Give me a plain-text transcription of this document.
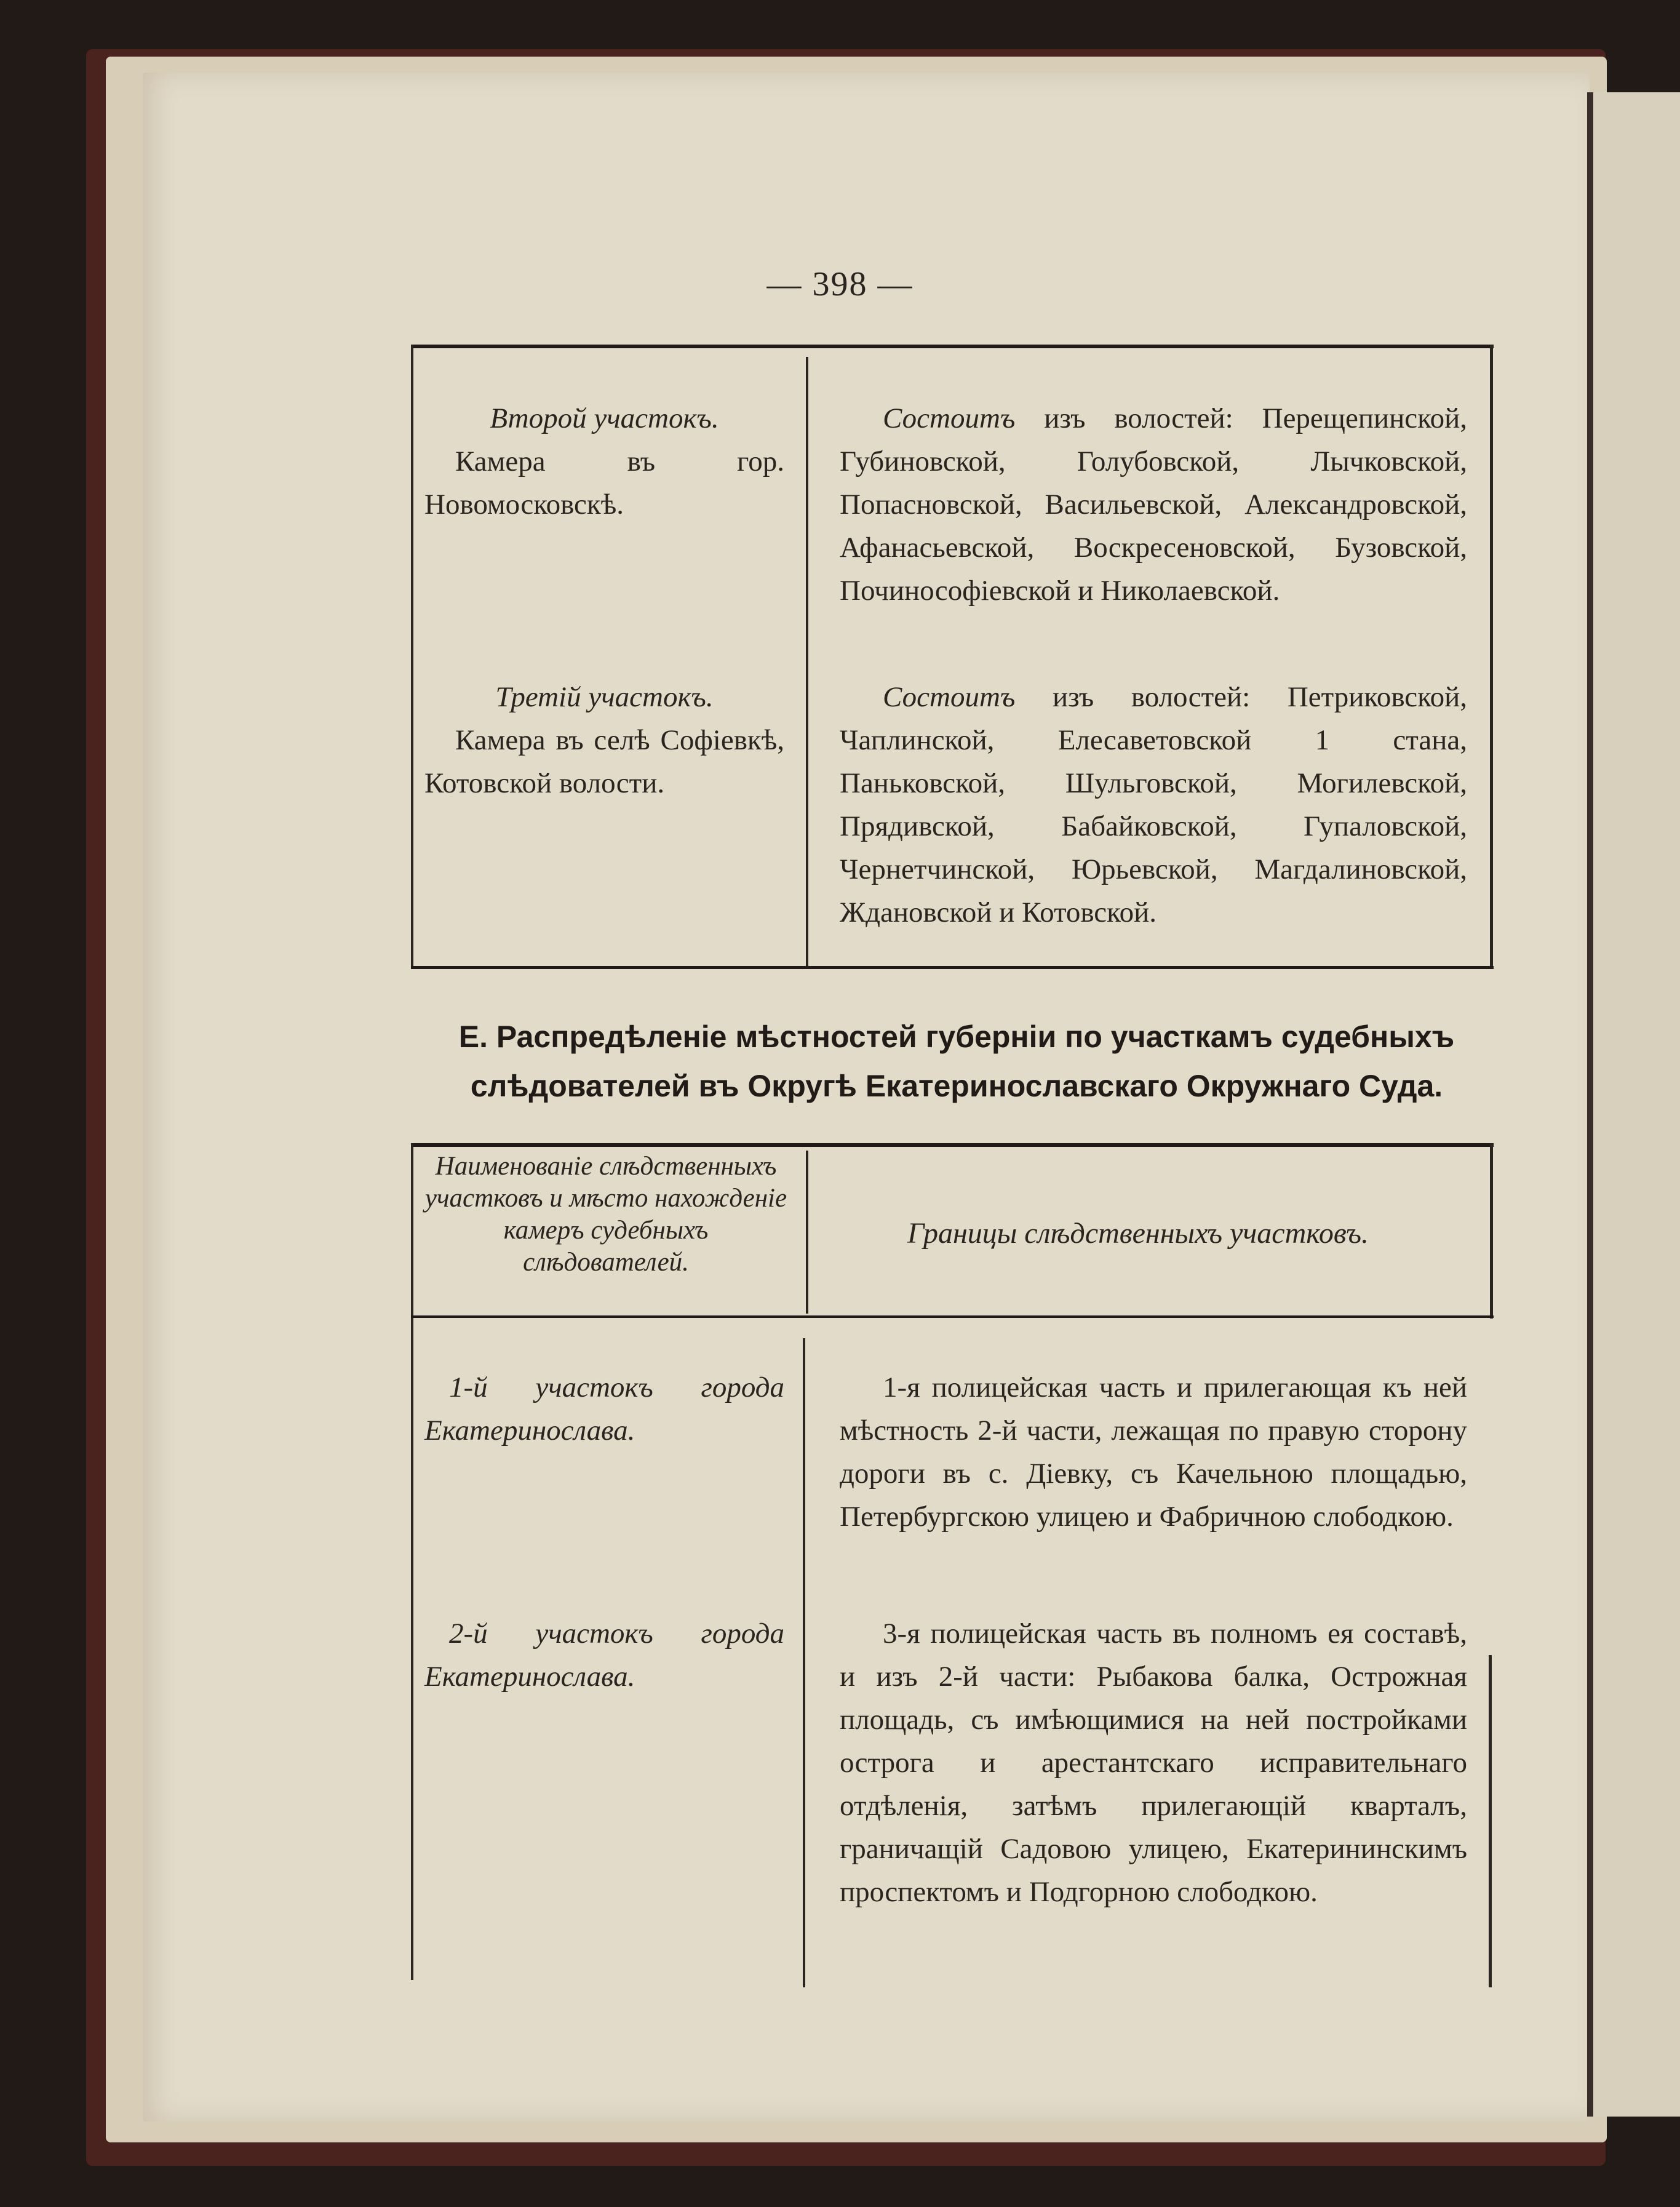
— 398 —
Второй участокъ.
Камера въ гор. Новомосковскѣ.
Состоитъ изъ волостей: Перещепинской, Губиновской, Голубовской, Лычковской, Попасновской, Васильевской, Александровской, Афанасьевской, Воскресеновской, Бузовской, Починософіевской и Николаевской.
Третій участокъ.
Камера въ селѣ Софіевкѣ, Котовской волости.
Состоитъ изъ волостей: Петриковской, Чаплинской, Елесаветовской 1 стана, Паньковской, Шульговской, Могилевской, Прядивской, Бабайковской, Гупаловской, Чернетчинской, Юрьевской, Магдалиновской, Ждановской и Котовской.
Е. Распредѣленіе мѣстностей губерніи по участкамъ судебныхъ слѣдователей въ Округѣ Екатеринославскаго Окружнаго Суда.
Наименованіе слѣдственныхъ участковъ и мѣсто нахожденіе камеръ судебныхъ слѣдователей.
Границы слѣдственныхъ участковъ.
1-й участокъ города Екатеринослава.
1-я полицейская часть и прилегающая къ ней мѣстность 2-й части, лежащая по правую сторону дороги въ с. Діевку, съ Качельною площадью, Петербургскою улицею и Фабричною слободкою.
2-й участокъ города Екатеринослава.
3-я полицейская часть въ полномъ ея составѣ, и изъ 2-й части: Рыбакова балка, Острожная площадь, съ имѣющимися на ней постройками острога и арестантскаго исправительнаго отдѣленія, затѣмъ прилегающій кварталъ, граничащій Садовою улицею, Екатерининскимъ проспектомъ и Подгорною слободкою.
